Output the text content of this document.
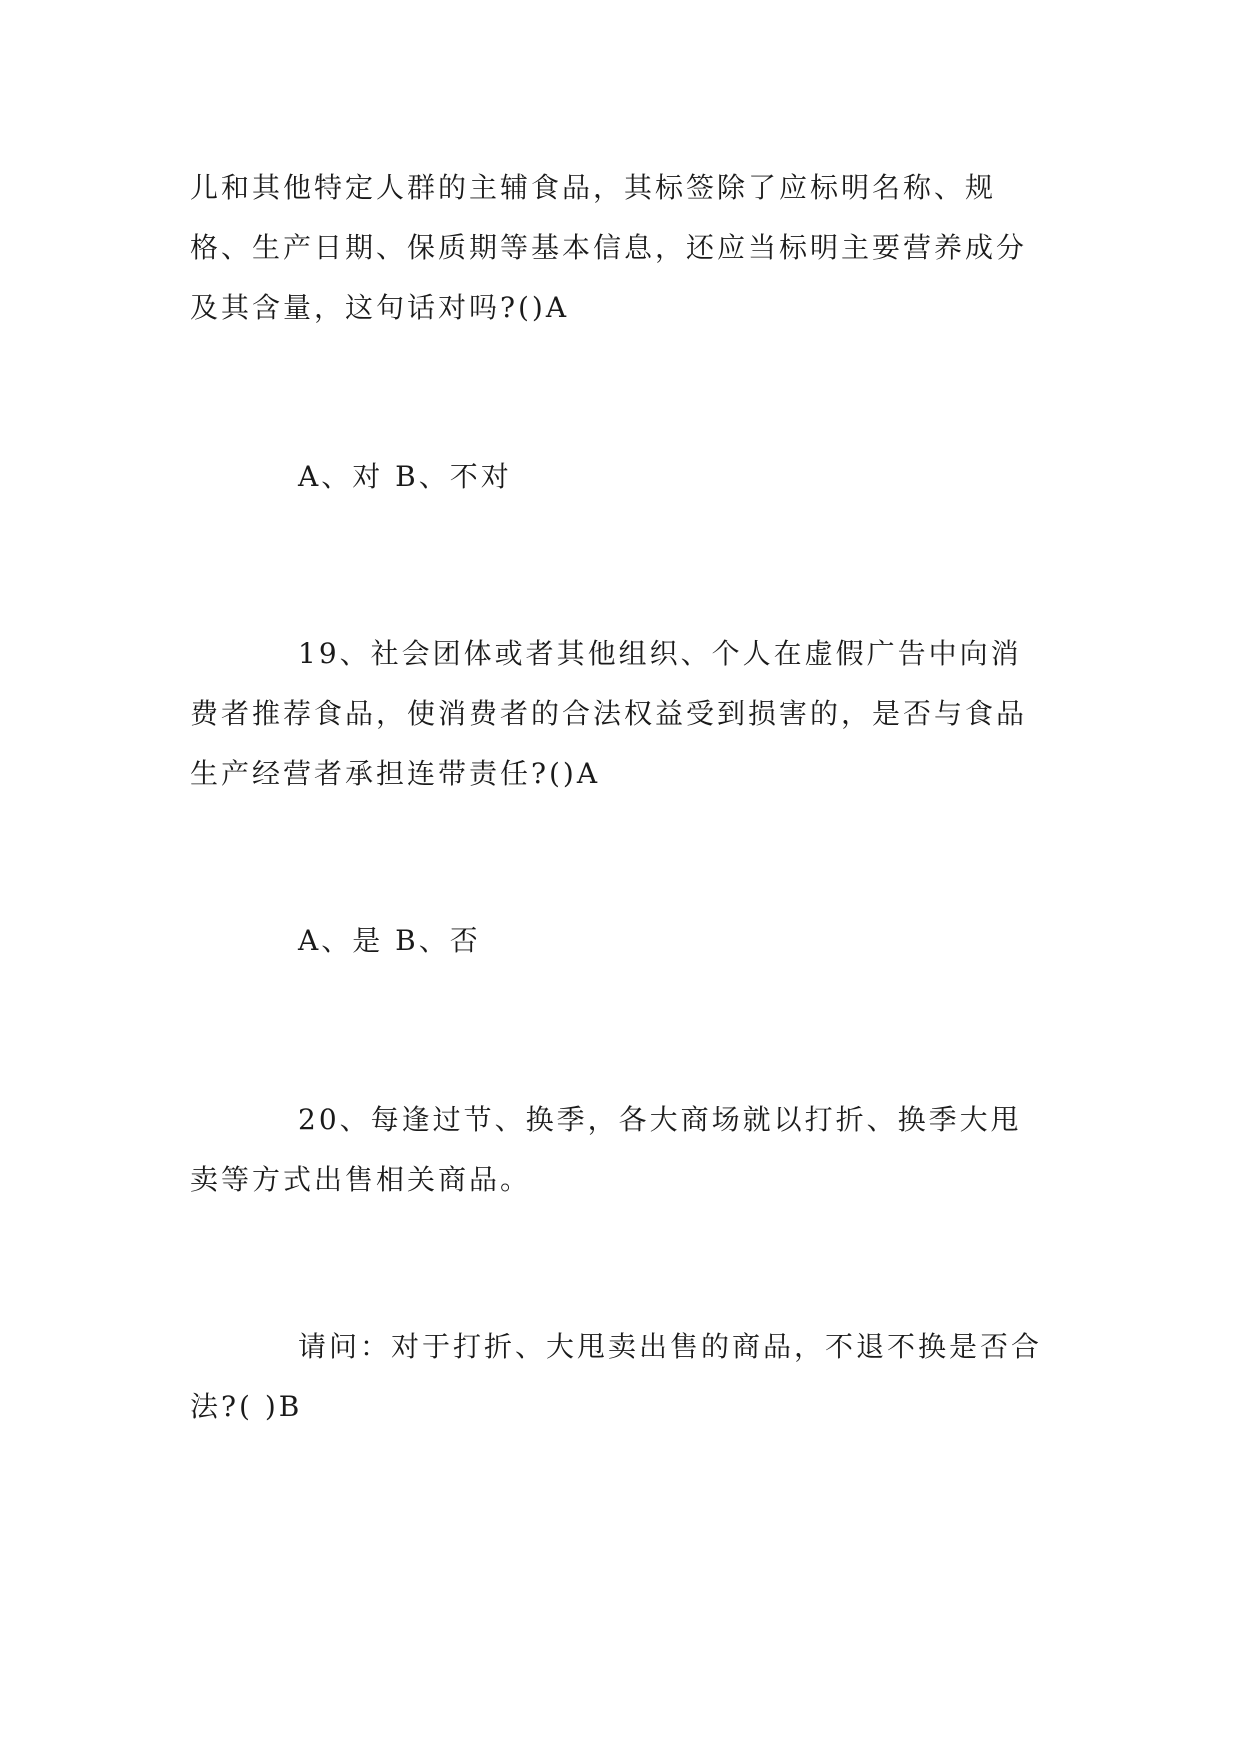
儿和其他特定人群的主辅食品，其标签除了应标明名称、规格、生产日期、保质期等基本信息，还应当标明主要营养成分及其含量，这句话对吗?()A

A、对 B、不对

19、社会团体或者其他组织、个人在虚假广告中向消费者推荐食品，使消费者的合法权益受到损害的，是否与食品生产经营者承担连带责任?()A

A、是 B、否

20、每逢过节、换季，各大商场就以打折、换季大甩卖等方式出售相关商品。

请问：对于打折、大甩卖出售的商品，不退不换是否合法?( )B
